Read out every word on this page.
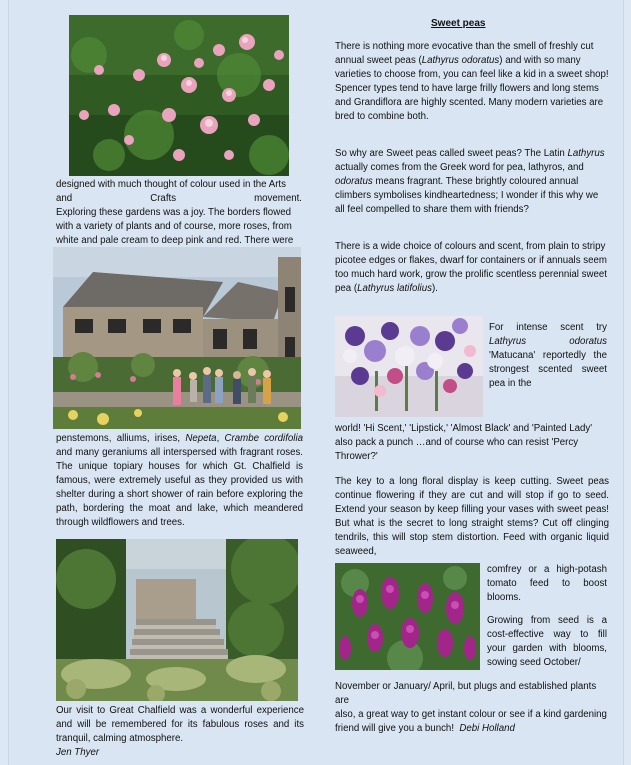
designed with much thought of colour used in the Arts
and	Crafts	movement.
Exploring these gardens was a joy. The borders flowed
with a variety of plants and of course, more roses, from
white and pale cream to deep pink and red. There were
penstemons, alliums, irises, Nepeta, Crambe cordifolia and many geraniums all interspersed with fragrant roses. The unique topiary houses for which Gt. Chalfield is famous, were extremely useful as they provided us with shelter during a short shower of rain before exploring the path, bordering the moat and lake, which meandered through wildflowers and trees.
Our visit to Great Chalfield was a wonderful experience and will be remembered for its fabulous roses and its tranquil, calming atmosphere.
Jen Thyer
Sweet peas
There is nothing more evocative than the smell of freshly cut annual sweet peas (Lathyrus odoratus) and with so many varieties to choose from, you can feel like a kid in a sweet shop! Spencer types tend to have large frilly flowers and long stems and Grandiflora are highly scented. Many modern varieties are bred to combine both.
So why are Sweet peas called sweet peas? The Latin Lathyrus actually comes from the Greek word for pea, lathyros, and odoratus means fragrant. These brightly coloured annual climbers symbolises kindheartedness; I wonder if this why we all feel compelled to share them with friends?
There is a wide choice of colours and scent, from plain to stripy picotee edges or flakes, dwarf for containers or if annuals seem too much hard work, grow the prolific scentless perennial sweet pea (Lathyrus latifolius).
For intense scent try Lathyrus odoratus 'Matucana' reportedly the strongest scented sweet pea in the
world! 'Hi Scent,' 'Lipstick,' 'Almost Black' and 'Painted Lady' also pack a punch …and of course who can resist 'Percy Thrower?'
The key to a long floral display is keep cutting. Sweet peas continue flowering if they are cut and will stop if go to seed. Extend your season by keep filling your vases with sweet peas! But what is the secret to long straight stems? Cut off clinging tendrils, this will stop stem distortion. Feed with organic liquid seaweed,
comfrey or a high-potash tomato feed to boost blooms.
Growing from seed is a cost-effective way to fill your garden with blooms, sowing seed October/
November or January/ April, but plugs and established plants are
also, a great way to get instant colour or see if a kind gardening friend will give you a bunch! Debi Holland
